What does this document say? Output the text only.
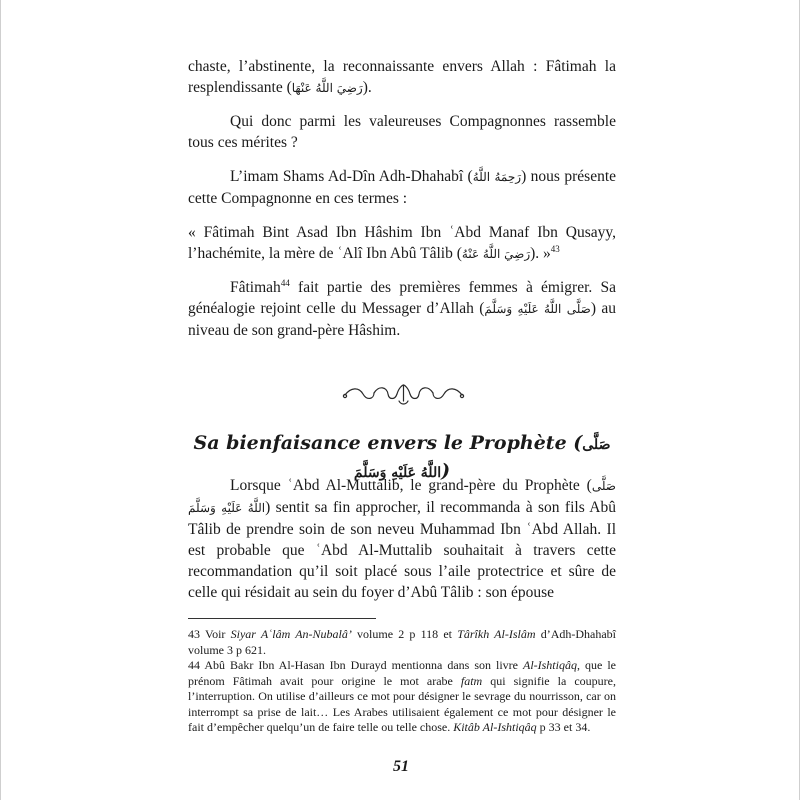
chaste, l’abstinente, la reconnaissante envers Allah : Fâtimah la resplendissante (رَضِيَ اللَّهُ عَنْهَا).

Qui donc parmi les valeureuses Compagnonnes rassemble tous ces mérites ?

L’imam Shams Ad-Dîn Adh-Dhahabî (رَحِمَهُ اللَّهُ) nous présente cette Compagnonne en ces termes :

« Fâtimah Bint Asad Ibn Hâshim Ibn ʿAbd Manaf Ibn Qusayy, l’hachémite, la mère de ʿAlî Ibn Abû Tâlib (رَضِيَ اللَّهُ عَنْهُ). »$^{43}$

Fâtimah$^{44}$ fait partie des premières femmes à émigrer. Sa généalogie rejoint celle du Messager d’Allah (صَلَّى اللَّهُ عَلَيْهِ وَسَلَّمَ) au niveau de son grand-père Hâshim.

Sa bienfaisance envers le Prophète (صَلَّى اللَّهُ عَلَيْهِ وَسَلَّمَ)

Lorsque ʿAbd Al-Muttalib, le grand-père du Prophète (صَلَّى اللَّهُ عَلَيْهِ وَسَلَّمَ) sentit sa fin approcher, il recommanda à son fils Abû Tâlib de prendre soin de son neveu Muhammad Ibn ʿAbd Allah. Il est probable que ʿAbd Al-Muttalib souhaitait à travers cette recommandation qu’il soit placé sous l’aile protectrice et sûre de celle qui résidait au sein du foyer d’Abû Tâlib : son épouse

43 Voir Siyar Aʿlâm An-Nubalâ’ volume 2 p 118 et Târîkh Al-Islâm d’Adh-Dhahabî volume 3 p 621.

44 Abû Bakr Ibn Al-Hasan Ibn Durayd mentionna dans son livre Al-Ishtiqâq, que le prénom Fâtimah avait pour origine le mot arabe fatm qui signifie la coupure, l’interruption. On utilise d’ailleurs ce mot pour désigner le sevrage du nourrisson, car on interrompt sa prise de lait… Les Arabes utilisaient également ce mot pour désigner le fait d’empêcher quelqu’un de faire telle ou telle chose. Kitâb Al-Ishtiqâq p 33 et 34.

51
